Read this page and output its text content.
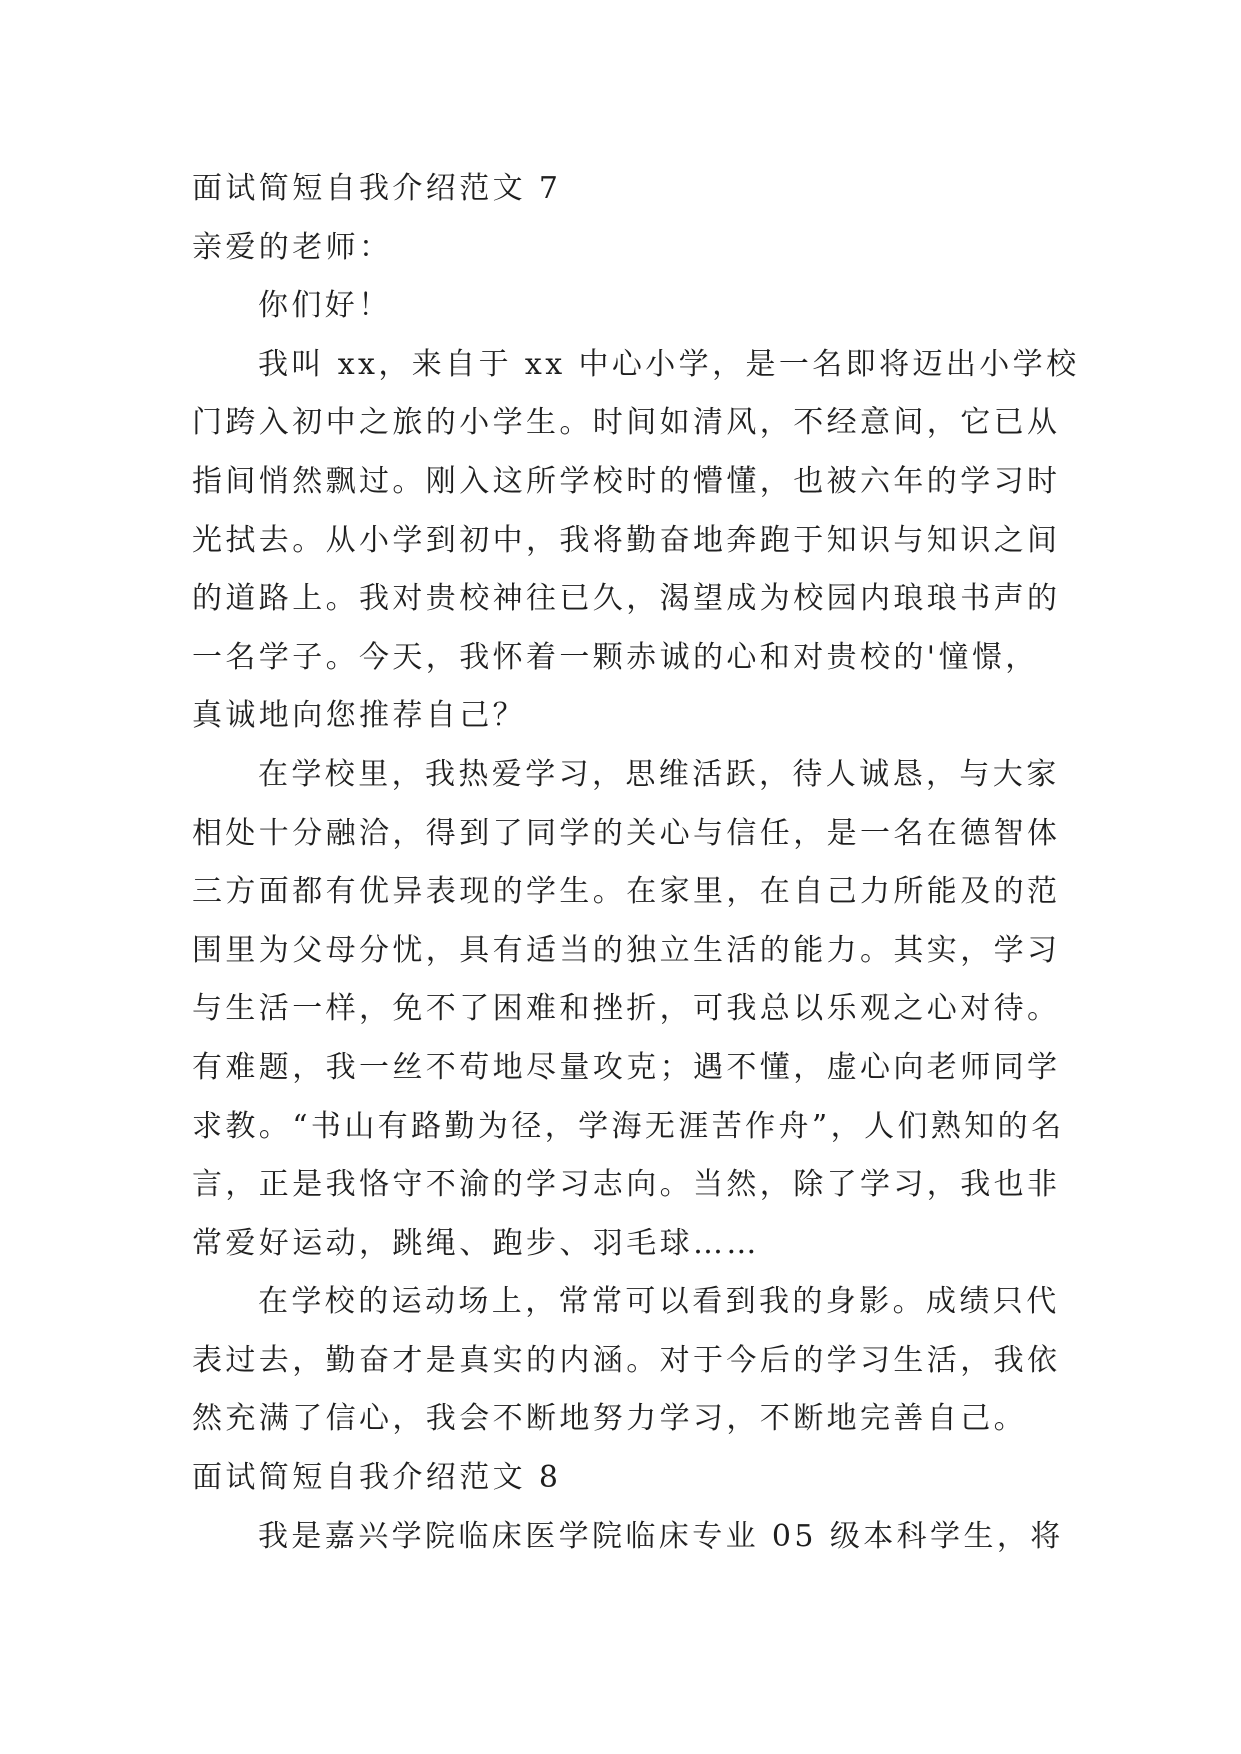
面试简短自我介绍范文 7
亲爱的老师：
你们好！
我叫 xx，来自于 xx 中心小学，是一名即将迈出小学校
门跨入初中之旅的小学生。时间如清风，不经意间，它已从
指间悄然飘过。刚入这所学校时的懵懂，也被六年的学习时
光拭去。从小学到初中，我将勤奋地奔跑于知识与知识之间
的道路上。我对贵校神往已久，渴望成为校园内琅琅书声的
一名学子。今天，我怀着一颗赤诚的心和对贵校的'憧憬，
真诚地向您推荐自己？
在学校里，我热爱学习，思维活跃，待人诚恳，与大家
相处十分融洽，得到了同学的关心与信任，是一名在德智体
三方面都有优异表现的学生。在家里，在自己力所能及的范
围里为父母分忧，具有适当的独立生活的能力。其实，学习
与生活一样，免不了困难和挫折，可我总以乐观之心对待。
有难题，我一丝不苟地尽量攻克；遇不懂，虚心向老师同学
求教。“书山有路勤为径，学海无涯苦作舟”，人们熟知的名
言，正是我恪守不渝的学习志向。当然，除了学习，我也非
常爱好运动，跳绳、跑步、羽毛球……
在学校的运动场上，常常可以看到我的身影。成绩只代
表过去，勤奋才是真实的内涵。对于今后的学习生活，我依
然充满了信心，我会不断地努力学习，不断地完善自己。
面试简短自我介绍范文 8
我是嘉兴学院临床医学院临床专业 05 级本科学生，将
